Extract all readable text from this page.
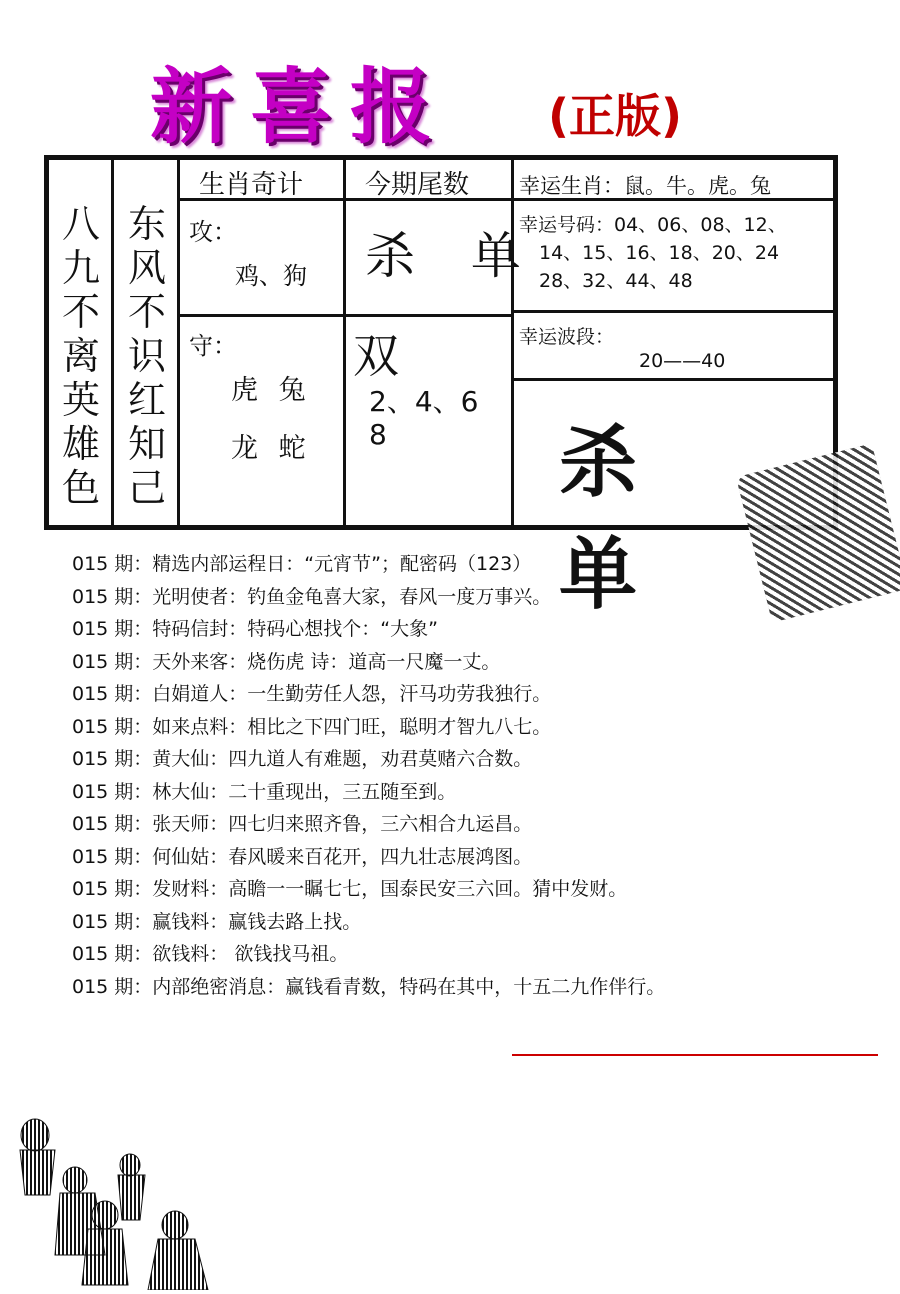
新喜报 (正版)
八九不离英雄色
东风不识红知己
生肖奇计
攻：
鸡、狗
守：
虎 兔
龙 蛇
今期尾数
杀 单
双
2、4、6
8
幸运生肖：鼠。牛。虎。兔
幸运号码：04、06、08、12、
14、15、16、18、20、24
28、32、44、48
幸运波段：
20——40
杀 单
015 期：精选内部运程日：“元宵节”；配密码（123）
015 期：光明使者：钓鱼金龟喜大家，春风一度万事兴。
015 期：特码信封：特码心想找个：“大象”
015 期：天外来客：烧伤虎 诗：道高一尺魔一丈。
015 期：白娟道人：一生勤劳任人怨，汗马功劳我独行。
015 期：如来点料：相比之下四门旺，聪明才智九八七。
015 期：黄大仙：四九道人有难题，劝君莫赌六合数。
015 期：林大仙：二十重现出，三五随至到。
015 期：张天师：四七归来照齐鲁，三六相合九运昌。
015 期：何仙姑：春风暖来百花开，四九壮志展鸿图。
015 期：发财料：高瞻一一瞩七七，国泰民安三六回。猜中发财。
015 期：赢钱料：赢钱去路上找。
015 期：欲钱料： 欲钱找马祖。
015 期：内部绝密消息：赢钱看青数，特码在其中，十五二九作伴行。
